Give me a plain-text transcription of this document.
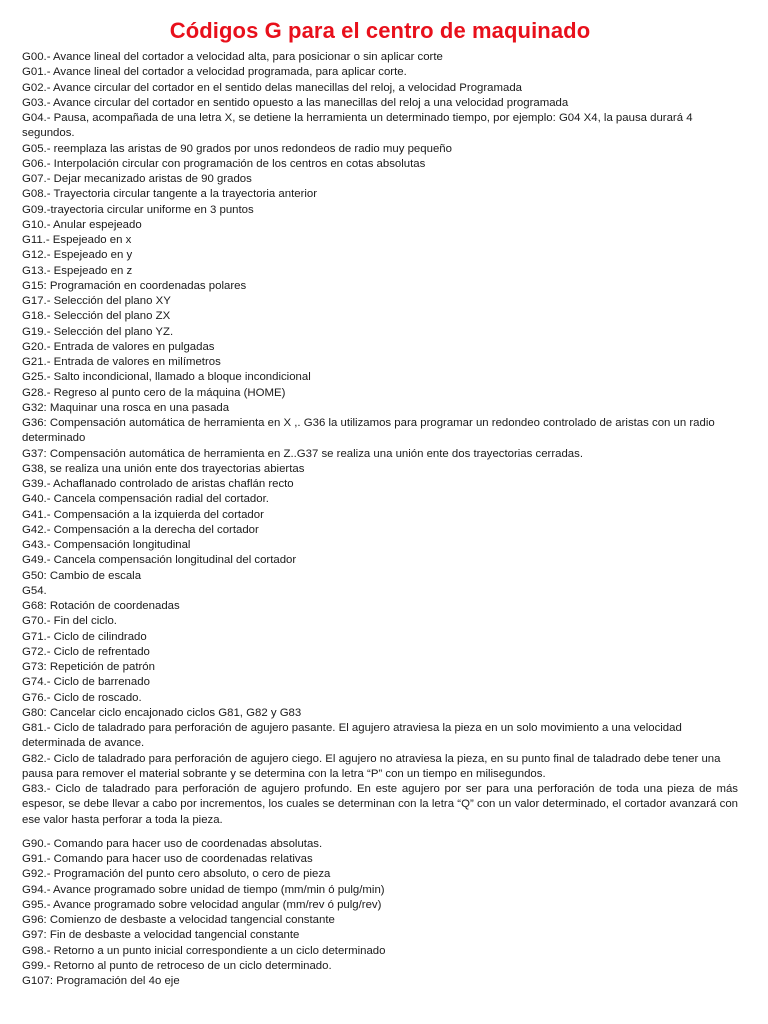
Códigos G para el centro de maquinado
G00.- Avance lineal del cortador a velocidad alta, para posicionar o sin aplicar corte
G01.- Avance lineal del cortador a velocidad programada, para aplicar corte.
G02.- Avance circular del cortador en el sentido delas manecillas del reloj, a velocidad Programada
G03.- Avance circular del cortador en sentido opuesto a las manecillas del reloj a una velocidad programada
G04.- Pausa, acompañada de una letra X, se detiene la herramienta un determinado tiempo, por ejemplo: G04 X4, la pausa durará 4 segundos.
G05.- reemplaza las aristas de 90 grados por unos redondeos de radio muy pequeño
G06.- Interpolación circular con programación de los centros en cotas absolutas
G07.- Dejar mecanizado aristas de 90 grados
G08.- Trayectoria circular tangente a la trayectoria anterior
G09.-trayectoria circular uniforme en 3 puntos
G10.- Anular espejeado
G11.- Espejeado en x
G12.- Espejeado en y
G13.- Espejeado en z
G15: Programación en coordenadas polares
G17.- Selección del plano XY
G18.- Selección del plano ZX
G19.- Selección del plano YZ.
G20.- Entrada de valores en pulgadas
G21.- Entrada de valores en milímetros
G25.- Salto incondicional, llamado a bloque incondicional
G28.- Regreso al punto cero de la máquina (HOME)
G32: Maquinar una rosca en una pasada
G36: Compensación automática de herramienta en X ,. G36 la utilizamos para programar un redondeo controlado de aristas con un radio determinado
G37: Compensación automática de herramienta en Z..G37 se realiza una unión ente dos trayectorias cerradas.
G38, se realiza una unión ente dos trayectorias abiertas
G39.- Achaflanado controlado de aristas chaflán recto
G40.- Cancela compensación radial del cortador.
G41.- Compensación a la izquierda del cortador
G42.- Compensación a la derecha del cortador
G43.- Compensación longitudinal
G49.- Cancela compensación longitudinal del cortador
G50: Cambio de escala
G54.
G68: Rotación de coordenadas
G70.- Fin del ciclo.
G71.- Ciclo de cilindrado
G72.- Ciclo de refrentado
G73: Repetición de patrón
G74.- Ciclo de barrenado
G76.- Ciclo de roscado.
G80: Cancelar ciclo encajonado ciclos G81, G82 y G83
G81.- Ciclo de taladrado para perforación de agujero pasante. El agujero atraviesa la pieza en un solo movimiento a una velocidad determinada de avance.
G82.- Ciclo de taladrado para perforación de agujero ciego. El agujero no atraviesa la pieza, en su punto final de taladrado debe tener una pausa para remover el material sobrante y se determina con la letra “P” con un tiempo en milisegundos.
G83.- Ciclo de taladrado para perforación de agujero profundo. En este agujero por ser para una perforación de toda una pieza de más espesor, se debe llevar a cabo por incrementos, los cuales se determinan con la letra “Q” con un valor determinado, el cortador avanzará con ese valor hasta perforar a toda la pieza.
G90.- Comando para hacer uso de coordenadas absolutas.
G91.- Comando para hacer uso de coordenadas relativas
G92.- Programación del punto cero absoluto, o cero de pieza
G94.- Avance programado sobre unidad de tiempo (mm/min ó pulg/min)
G95.- Avance programado sobre velocidad angular (mm/rev ó pulg/rev)
G96: Comienzo de desbaste a velocidad tangencial constante
G97: Fin de desbaste a velocidad tangencial constante
G98.- Retorno a un punto inicial correspondiente a un ciclo determinado
G99.- Retorno al punto de retroceso de un ciclo determinado.
G107: Programación del 4o eje
